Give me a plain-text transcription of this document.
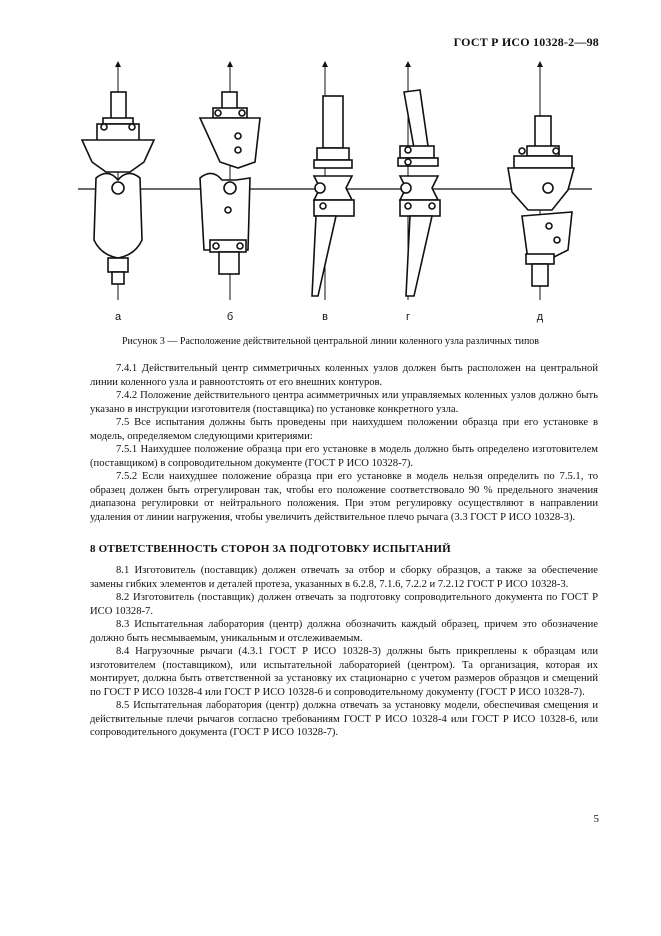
ГОСТ Р ИСО 10328-2—98
а	б	в	г	д
Рисунок 3 — Расположение действительной центральной линии коленного узла различных типов

7.4.1 Действительный центр симметричных коленных узлов должен быть расположен на центральной линии коленного узла и равноотстоять от его внешних контуров.

7.4.2 Положение действительного центра асимметричных или управляемых коленных узлов должно быть указано в инструкции изготовителя (поставщика) по установке конкретного узла.

7.5 Все испытания должны быть проведены при наихудшем положении образца при его установке в модель, определяемом следующими критериями:

7.5.1 Наихудшее положение образца при его установке в модель должно быть определено изготовителем (поставщиком) в сопроводительном документе (ГОСТ Р ИСО 10328-7).

7.5.2 Если наихудшее положение образца при его установке в модель нельзя определить по 7.5.1, то образец должен быть отрегулирован так, чтобы его положение соответствовало 90 % предельного значения диапазона регулировки от нейтрального положения. При этом регулировку осуществляют в направлении удаления от линии нагружения, чтобы увеличить действительное плечо рычага (3.3 ГОСТ Р ИСО 10328-3).

8 ОТВЕТСТВЕННОСТЬ СТОРОН ЗА ПОДГОТОВКУ ИСПЫТАНИЙ

8.1 Изготовитель (поставщик) должен отвечать за отбор и сборку образцов, а также за обеспечение замены гибких элементов и деталей протеза, указанных в 6.2.8, 7.1.6, 7.2.2 и 7.2.12 ГОСТ Р ИСО 10328-3.

8.2 Изготовитель (поставщик) должен отвечать за подготовку сопроводительного документа по ГОСТ Р ИСО 10328-7.

8.3 Испытательная лаборатория (центр) должна обозначить каждый образец, причем это обозначение должно быть несмываемым, уникальным и отслеживаемым.

8.4 Нагрузочные рычаги (4.3.1 ГОСТ Р ИСО 10328-3) должны быть прикреплены к образцам или изготовителем (поставщиком), или испытательной лабораторией (центром). Та организация, которая их монтирует, должна быть ответственной за установку их стационарно с учетом размеров образцов и смещений по ГОСТ Р ИСО 10328-4 или ГОСТ Р ИСО 10328-6 и сопроводительному документу (ГОСТ Р ИСО 10328-7).

8.5 Испытательная лаборатория (центр) должна отвечать за установку модели, обеспечивая смещения и действительные плечи рычагов согласно требованиям ГОСТ Р ИСО 10328-4 или ГОСТ Р ИСО 10328-6, или сопроводительного документа (ГОСТ Р ИСО 10328-7).

5
